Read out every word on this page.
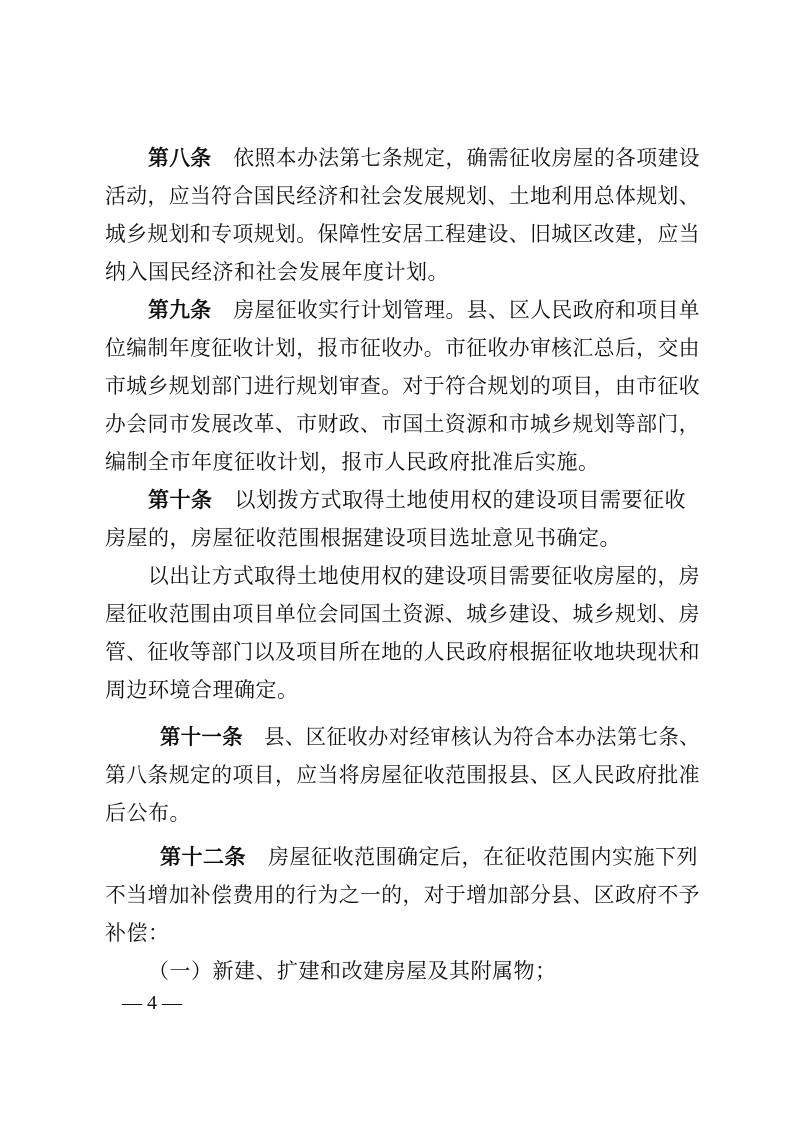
第八条 依照本办法第七条规定，确需征收房屋的各项建设
活动，应当符合国民经济和社会发展规划、土地利用总体规划、
城乡规划和专项规划。保障性安居工程建设、旧城区改建，应当
纳入国民经济和社会发展年度计划。
第九条 房屋征收实行计划管理。县、区人民政府和项目单
位编制年度征收计划，报市征收办。市征收办审核汇总后，交由
市城乡规划部门进行规划审查。对于符合规划的项目，由市征收
办会同市发展改革、市财政、市国土资源和市城乡规划等部门，
编制全市年度征收计划，报市人民政府批准后实施。
第十条 以划拨方式取得土地使用权的建设项目需要征收
房屋的，房屋征收范围根据建设项目选址意见书确定。
以出让方式取得土地使用权的建设项目需要征收房屋的，房
屋征收范围由项目单位会同国土资源、城乡建设、城乡规划、房
管、征收等部门以及项目所在地的人民政府根据征收地块现状和
周边环境合理确定。
第十一条 县、区征收办对经审核认为符合本办法第七条、
第八条规定的项目，应当将房屋征收范围报县、区人民政府批准
后公布。
第十二条 房屋征收范围确定后，在征收范围内实施下列
不当增加补偿费用的行为之一的，对于增加部分县、区政府不予
补偿：
（一）新建、扩建和改建房屋及其附属物；
— 4 —
